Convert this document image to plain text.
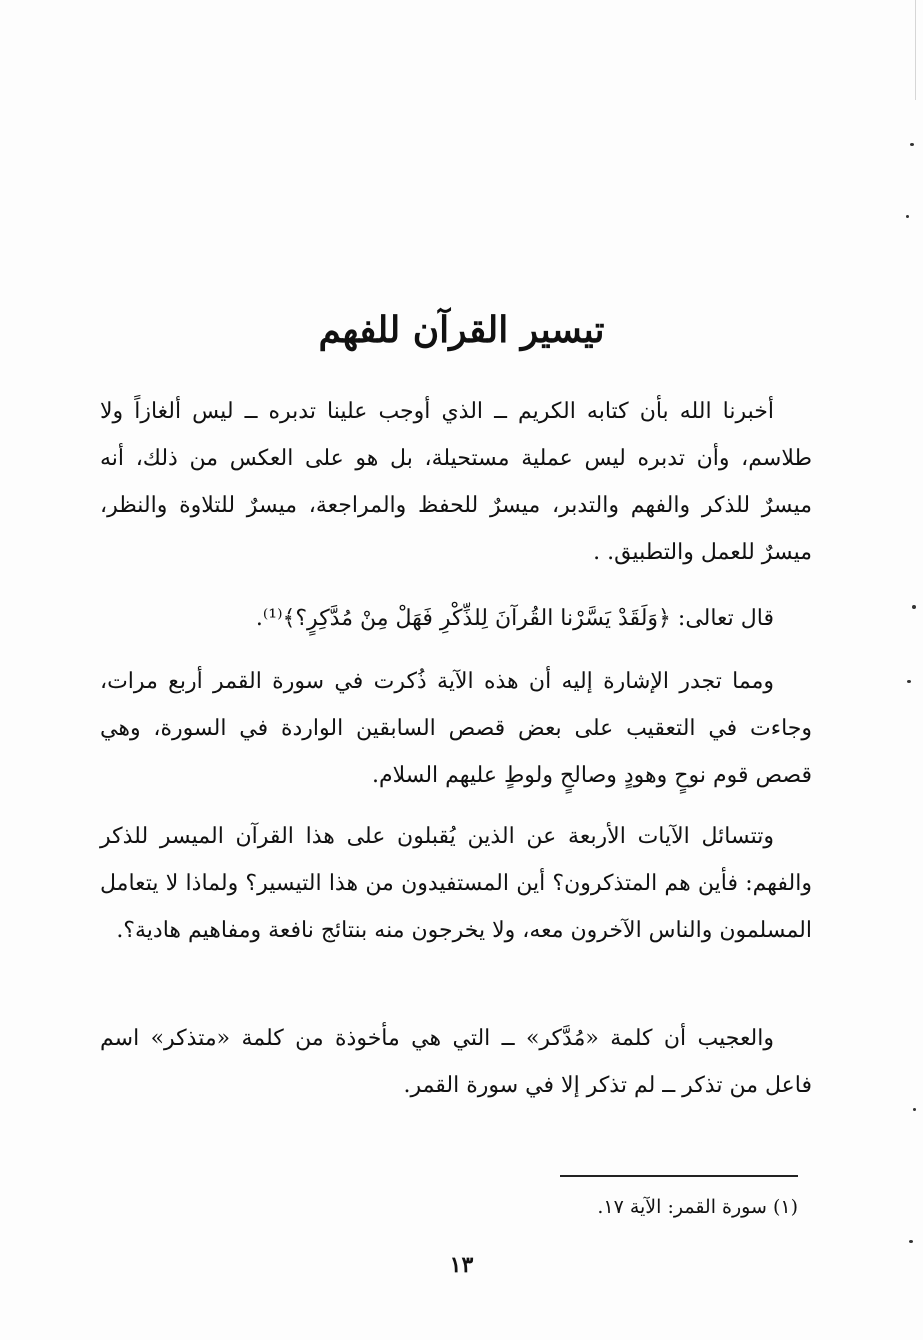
تيسير القرآن للفهم

أخبرنا الله بأن كتابه الكريم ــ الذي أوجب علينا تدبره ــ ليس ألغازاً ولا طلاسم، وأن تدبره ليس عملية مستحيلة، بل هو على العكس من ذلك، أنه ميسرٌ للذكر والفهم والتدبر، ميسرٌ للحفظ والمراجعة، ميسرٌ للتلاوة والنظر، ميسرٌ للعمل والتطبيق. .

قال تعالى: ﴿وَلَقَدْ يَسَّرْنا القُرآنَ لِلذِّكْرِ فَهَلْ مِنْ مُدَّكِرٍ؟﴾⁽¹⁾.

ومما تجدر الإشارة إليه أن هذه الآية ذُكرت في سورة القمر أربع مرات، وجاءت في التعقيب على بعض قصص السابقين الواردة في السورة، وهي قصص قوم نوحٍ وهودٍ وصالحٍ ولوطٍ عليهم السلام.

وتتسائل الآيات الأربعة عن الذين يُقبلون على هذا القرآن الميسر للذكر والفهم: فأين هم المتذكرون؟ أين المستفيدون من هذا التيسير؟ ولماذا لا يتعامل المسلمون والناس الآخرون معه، ولا يخرجون منه بنتائج نافعة ومفاهيم هادية؟.

والعجيب أن كلمة «مُدَّكر» ــ التي هي مأخوذة من كلمة «متذكر» اسم فاعل من تذكر ــ لم تذكر إلا في سورة القمر.

(١) سورة القمر: الآية ١٧.
١٣
